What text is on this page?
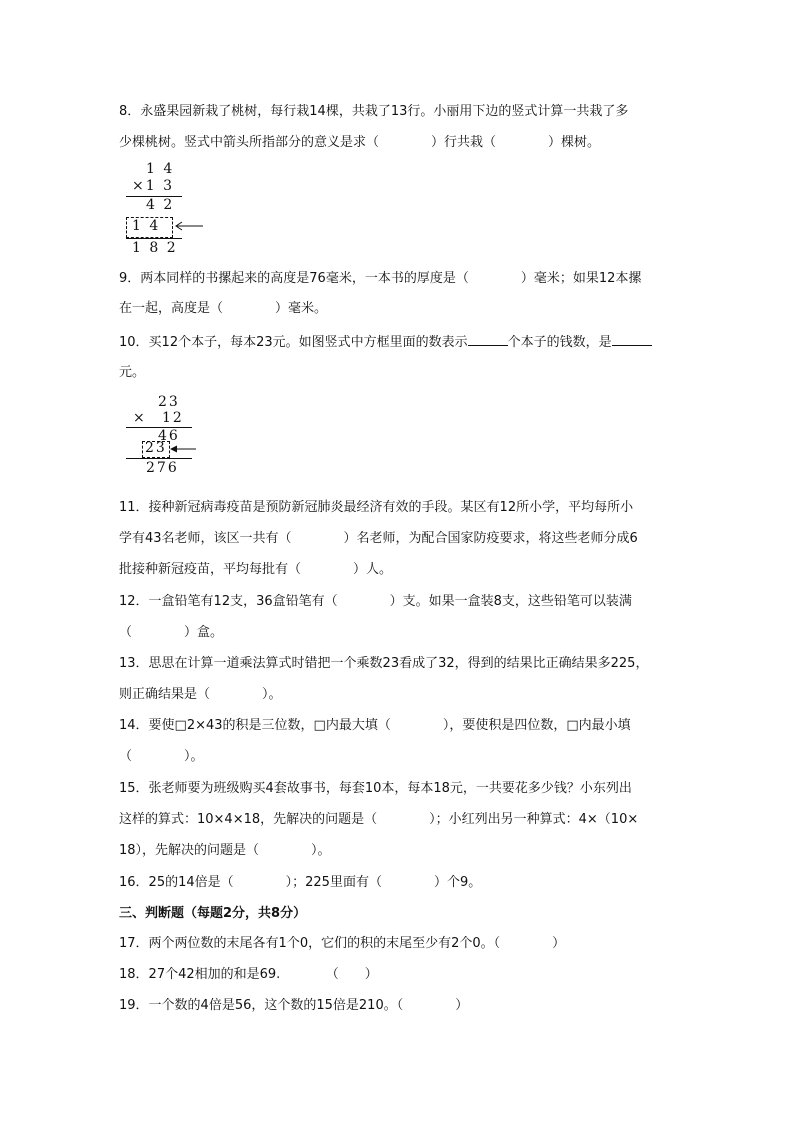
8．永盛果园新栽了桃树，每行栽14棵，共栽了13行。小丽用下边的竖式计算一共栽了多
少棵桃树。竖式中箭头所指部分的意义是求（　　　　）行共栽（　　　　）棵树。
1 4
×1 3
4 2
1 4
1 8 2
9．两本同样的书摞起来的高度是76毫米，一本书的厚度是（　　　　）毫米；如果12本摞
在一起，高度是（　　　　）毫米。
10．买12个本子，每本23元。如图竖式中方框里面的数表示	个本子的钱数，是
元。
23
× 12
46
23
276
11．接种新冠病毒疫苗是预防新冠肺炎最经济有效的手段。某区有12所小学，平均每所小
学有43名老师，该区一共有（　　　　）名老师，为配合国家防疫要求，将这些老师分成6
批接种新冠疫苗，平均每批有（　　　　）人。
12．一盒铅笔有12支，36盒铅笔有（　　　　）支。如果一盒装8支，这些铅笔可以装满
（　　　　）盒。
13．思思在计算一道乘法算式时错把一个乘数23看成了32，得到的结果比正确结果多225，
则正确结果是（　　　　）。
14．要使□2×43的积是三位数，□内最大填（　　　　），要使积是四位数，□内最小填
（　　　　）。
15．张老师要为班级购买4套故事书，每套10本，每本18元，一共要花多少钱？小东列出
这样的算式：10×4×18，先解决的问题是（　　　　）；小红列出另一种算式：4×（10×
18），先解决的问题是（　　　　）。
16．25的14倍是（　　　　）；225里面有（　　　　）个9。
三、判断题（每题2分，共8分）
17．两个两位数的末尾各有1个0，它们的积的末尾至少有2个0。（　　　　）
18．27个42相加的和是69.　　　　（　　）
19．一个数的4倍是56，这个数的15倍是210。（　　　　）
